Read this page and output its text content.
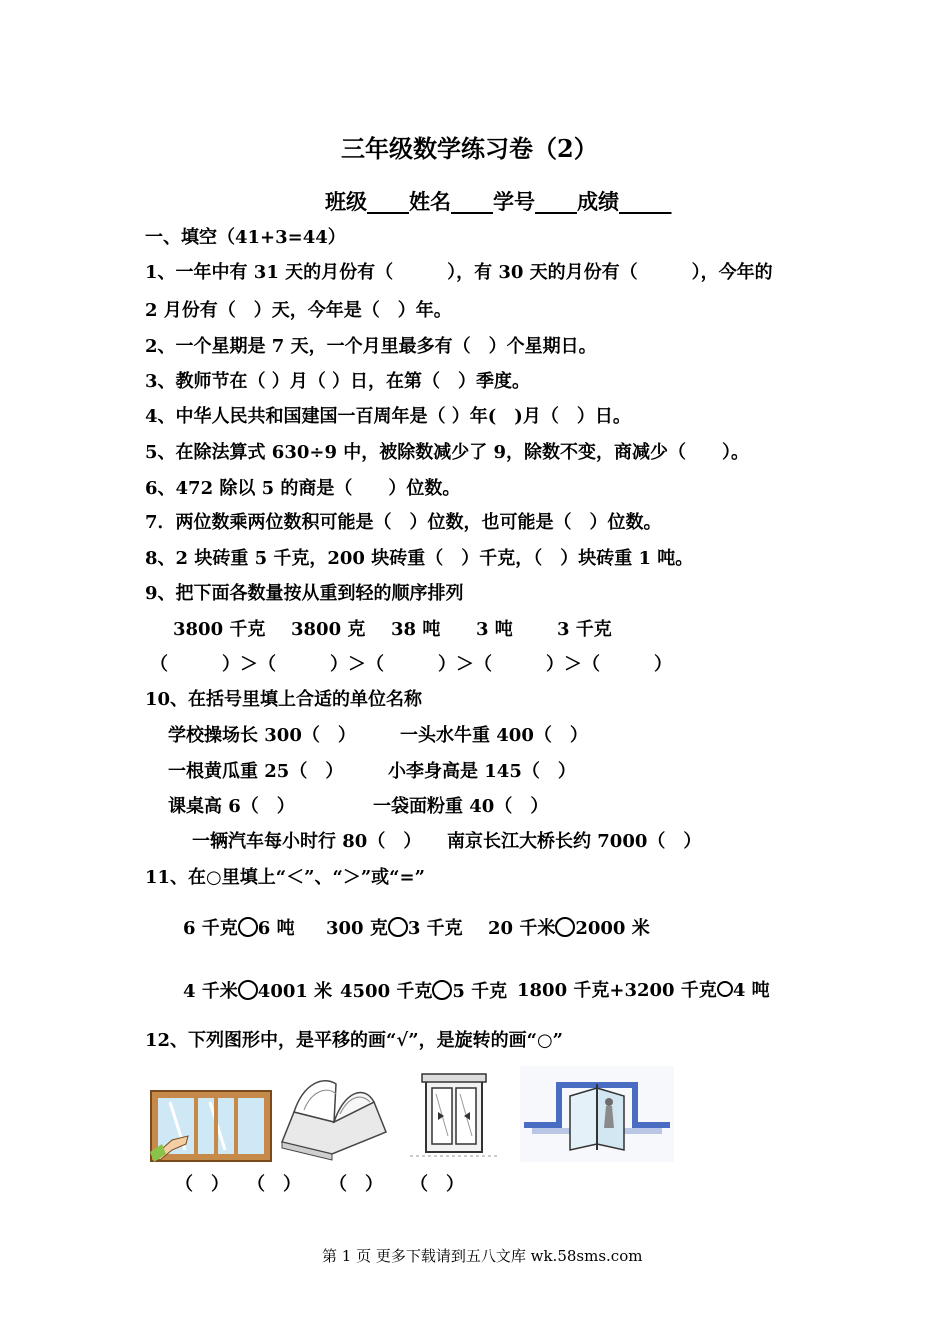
三年级数学练习卷（2）
班级____姓名____学号____成绩_____
一、填空（41+3=44）
1、一年中有 31 天的月份有（　　　），有 30 天的月份有（　　　），今年的
2 月份有（　）天，今年是（　）年。
2、一个星期是 7 天，一个月里最多有（　）个星期日。
3、教师节在（ ）月（ ）日，在第（　）季度。
4、中华人民共和国建国一百周年是（ ）年(　)月（　）日。
5、在除法算式 630÷9 中，被除数减少了 9，除数不变，商减少（　　）。
6、472 除以 5 的商是（　　）位数。
7．两位数乘两位数积可能是（　）位数，也可能是（　）位数。
8、2 块砖重 5 千克，200 块砖重（　）千克，（　）块砖重 1 吨。
9、把下面各数量按从重到轻的顺序排列
3800 千克 3800 克 38 吨 3 吨 3 千克
（　　　）＞（　　　）＞（　　　）＞（　　　）＞（　　　）
10、在括号里填上合适的单位名称
学校操场长 300（　） 一头水牛重 400（　）
一根黄瓜重 25（　） 小李身高是 145（　）
课桌高 6（　）	一袋面粉重 40（　）
一辆汽车每小时行 80（　） 南京长江大桥长约 7000（　）
11、在○里填上“＜”、“＞”或“=”
6 千克 6 吨 300 克 3 千克 20 千米 2000 米
4 千米 4001 米 4500 千克 5 千克 1800 千克+3200 千克 4 吨
12、下列图形中，是平移的画“√”，是旋转的画“○”
（　） （　） （　） （　）
第 1 页 更多下载请到五八文库 wk.58sms.com
